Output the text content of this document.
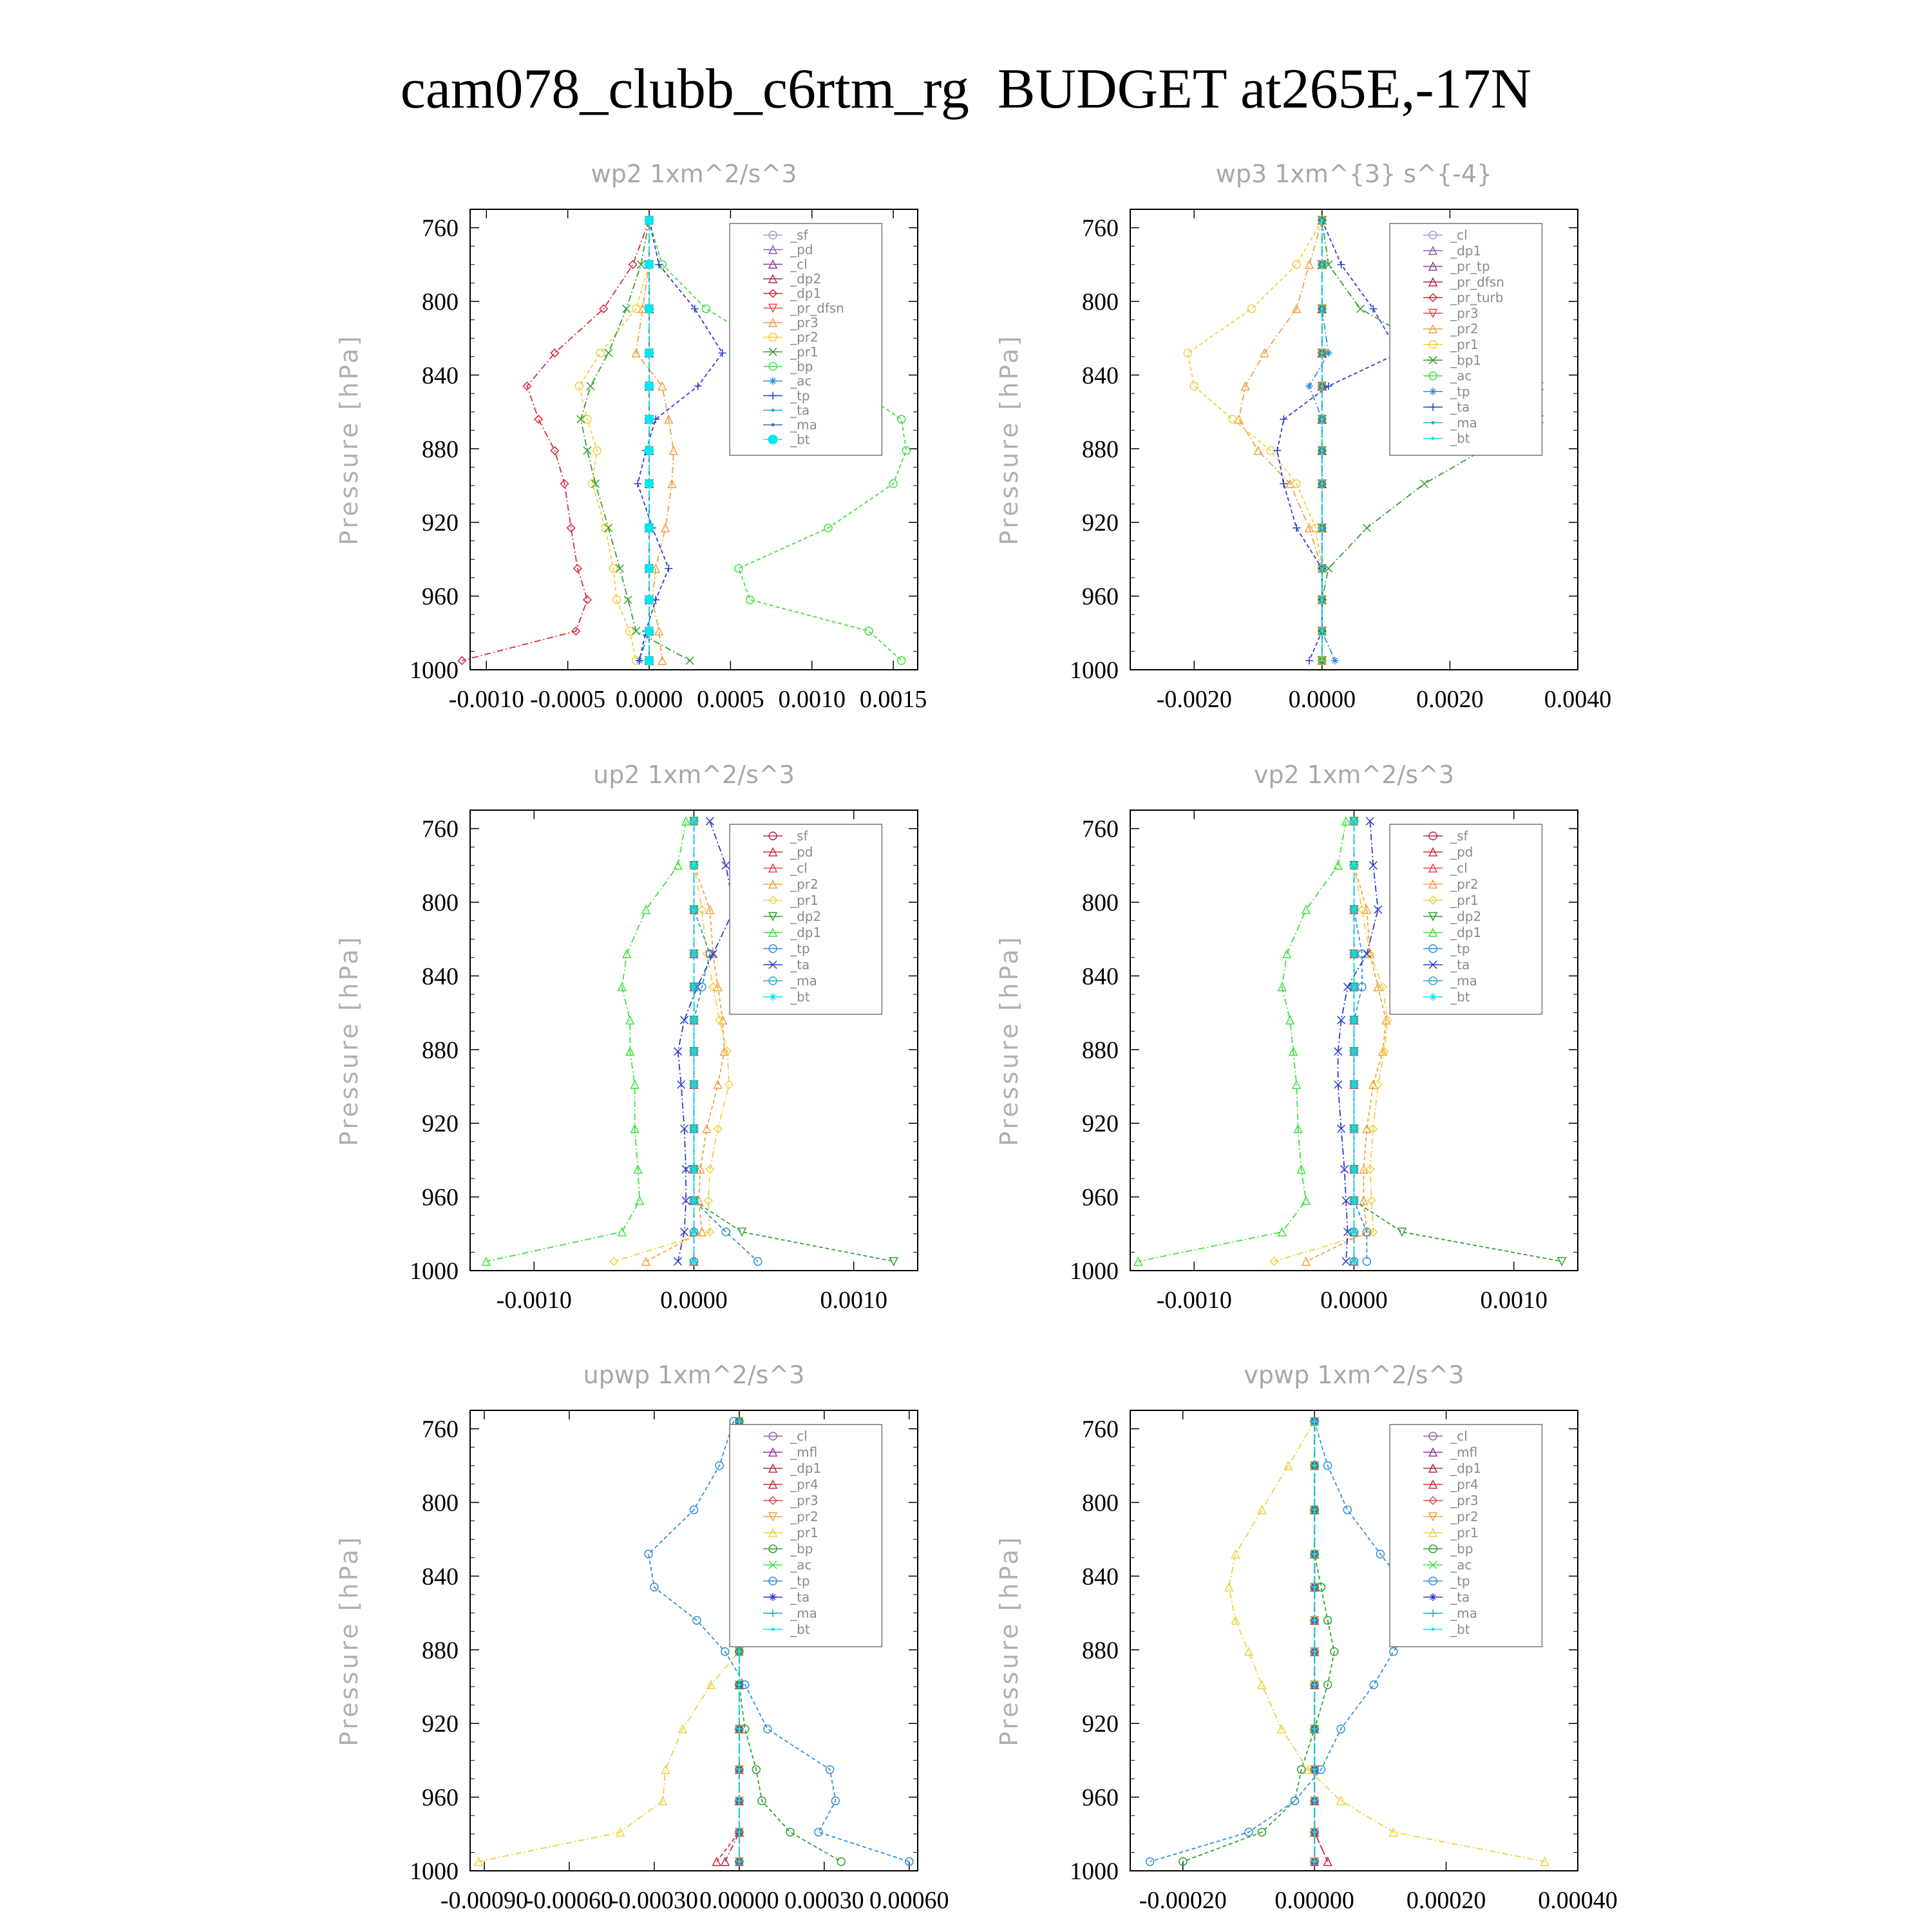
cam078_clubb_c6rtm_rg  BUDGET at265E,-17N
wp2 1xm^2/s^3
Pressure [hPa]
760
800
840
880
920
960
1000
-0.0010 -0.0005 0.0000 0.0005 0.0010 0.0015
_sf
_pd
_cl
_dp2
_dp1
_pr_dfsn
_pr3
_pr2
_pr1
_bp
_ac
_tp
_ta
_ma
_bt
wp3 1xm^{3} s^{-4}
Pressure [hPa]
760
800
840
880
920
960
1000
-0.0020 0.0000 0.0020 0.0040
_cl
_dp1
_pr_tp
_pr_dfsn
_pr_turb
_pr3
_pr2
_pr1
_bp1
_ac
_tp
_ta
_ma
_bt
up2 1xm^2/s^3
Pressure [hPa]
760
800
840
880
920
960
1000
-0.0010	0.0000	0.0010
_sf
_pd
_cl
_pr2
_pr1
_dp2
_dp1
_tp
_ta
_ma
_bt
vp2 1xm^2/s^3
Pressure [hPa]
760
800
840
880
920
960
1000
-0.0010	0.0000	0.0010
_sf
_pd
_cl
_pr2
_pr1
_dp2
_dp1
_tp
_ta
_ma
_bt
upwp 1xm^2/s^3
Pressure [hPa]
760
800
840
880
920
960
1000
-0.00090
-0.00060
-0.00030 0.00000 0.00030 0.00060
_cl
_mfl
_dp1
_pr4
_pr3
_pr2
_pr1
_bp
_ac
_tp
_ta
_ma
_bt
vpwp 1xm^2/s^3
Pressure [hPa]
760
800
840
880
920
960
1000
-0.00020 0.00000 0.00020 0.00040
_cl
_mfl
_dp1
_pr4
_pr3
_pr2
_pr1
_bp
_ac
_tp
_ta
_ma
_bt
